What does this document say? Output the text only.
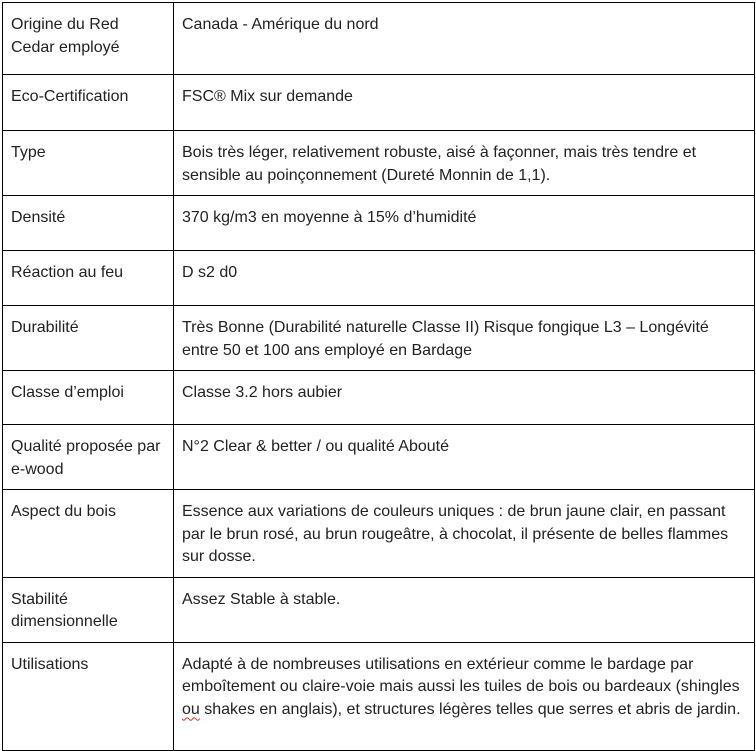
Origine du Red Cedar employé	Canada - Amérique du nord
Eco-Certification	FSC® Mix sur demande
Type	Bois très léger, relativement robuste, aisé à façonner, mais très tendre et sensible au poinçonnement (Dureté Monnin de 1,1).
Densité	370 kg/m3 en moyenne à 15% d’humidité
Réaction au feu	D s2 d0
Durabilité	Très Bonne (Durabilité naturelle Classe II) Risque fongique L3 – Longévité entre 50 et 100 ans employé en Bardage
Classe d’emploi	Classe 3.2 hors aubier
Qualité proposée par e-wood	N°2 Clear & better / ou qualité Abouté
Aspect du bois	Essence aux variations de couleurs uniques : de brun jaune clair, en passant par le brun rosé, au brun rougeâtre, à chocolat, il présente de belles flammes sur dosse.
Stabilité dimensionnelle	Assez Stable à stable.
Utilisations	Adapté à de nombreuses utilisations en extérieur comme le bardage par emboîtement ou claire-voie mais aussi les tuiles de bois ou bardeaux (shingles ou shakes en anglais), et structures légères telles que serres et abris de jardin.
